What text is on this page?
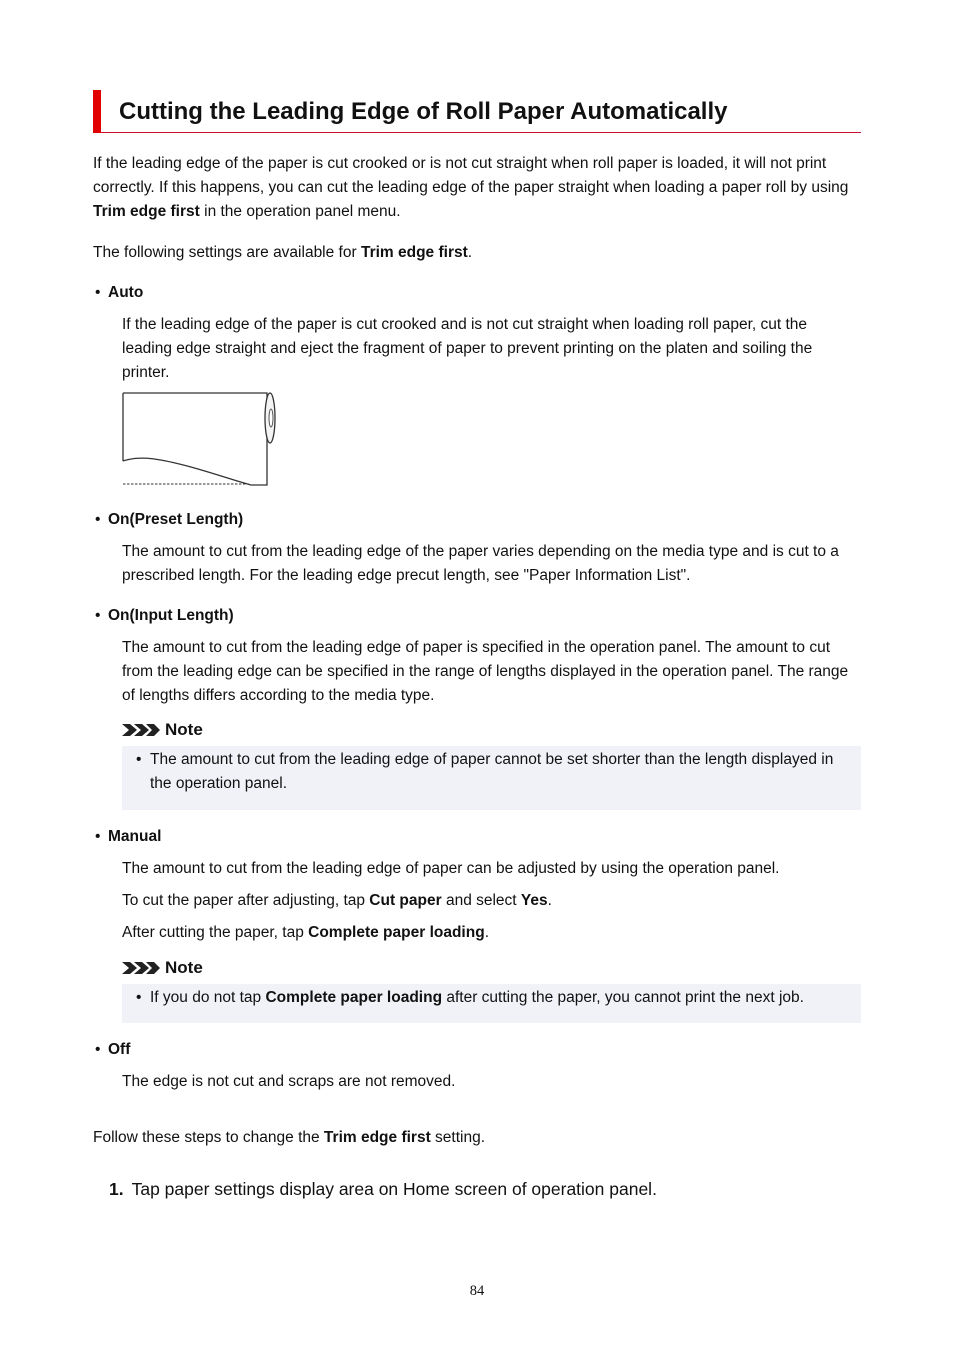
Cutting the Leading Edge of Roll Paper Automatically

If the leading edge of the paper is cut crooked or is not cut straight when roll paper is loaded, it will not print correctly. If this happens, you can cut the leading edge of the paper straight when loading a paper roll by using Trim edge first in the operation panel menu.

The following settings are available for Trim edge first.

• Auto

If the leading edge of the paper is cut crooked and is not cut straight when loading roll paper, cut the leading edge straight and eject the fragment of paper to prevent printing on the platen and soiling the printer.

• On(Preset Length)

The amount to cut from the leading edge of the paper varies depending on the media type and is cut to a prescribed length. For the leading edge precut length, see "Paper Information List".

• On(Input Length)

The amount to cut from the leading edge of paper is specified in the operation panel. The amount to cut from the leading edge can be specified in the range of lengths displayed in the operation panel. The range of lengths differs according to the media type.

Note

• The amount to cut from the leading edge of paper cannot be set shorter than the length displayed in the operation panel.

• Manual

The amount to cut from the leading edge of paper can be adjusted by using the operation panel.

To cut the paper after adjusting, tap Cut paper and select Yes.

After cutting the paper, tap Complete paper loading.

Note

• If you do not tap Complete paper loading after cutting the paper, you cannot print the next job.

• Off

The edge is not cut and scraps are not removed.

Follow these steps to change the Trim edge first setting.

1. Tap paper settings display area on Home screen of operation panel.
84
